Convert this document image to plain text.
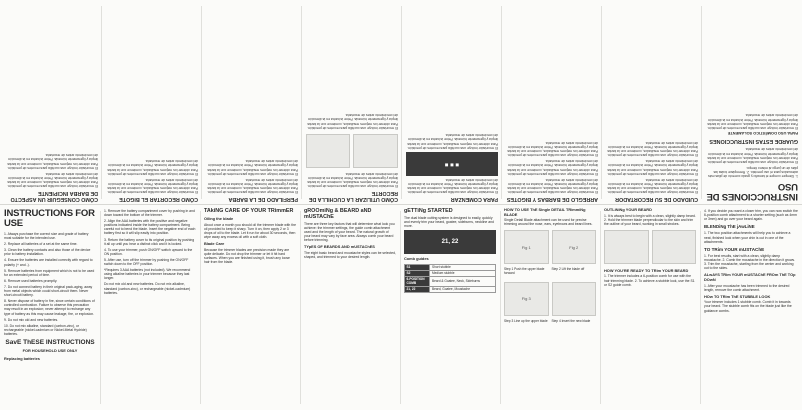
INSTRUCCIONES DE USO

1. Siempre compre el tamaño y grado correcto de pilas más adecuados para el uso previsto. 2. Reemplace todas las pilas de un juego al mismo tiempo.

El recortador incluye una cuchilla para recortes de precisión. Para obtener los mejores resultados, comience con la barba limpia y ligeramente húmeda. Peine la barba en la dirección del crecimiento antes de recortarla.

GUARDE ESTAS INSTRUCCIONES

PARA USO DOMÉSTICO SOLAMENTE

El recortador incluye una cuchilla para recortes de precisión. Para obtener los mejores resultados, comience con la barba limpia y ligeramente húmeda. Peine la barba en la dirección del crecimiento antes de recortarla.

CUIDADO DE SU RECORTADOR

El recortador incluye una cuchilla para recortes de precisión. Para obtener los mejores resultados, comience con la barba limpia y ligeramente húmeda. Peine la barba en la dirección del crecimiento antes de recortarla.

El recortador incluye una cuchilla para recortes de precisión. Para obtener los mejores resultados, comience con la barba limpia y ligeramente húmeda. Peine la barba en la dirección del crecimiento antes de recortarla.

El recortador incluye una cuchilla para recortes de precisión. Para obtener los mejores resultados, comience con la barba limpia y ligeramente húmeda. Peine la barba en la dirección del crecimiento antes de recortarla.

ARREGLO DE BARBAS Y BIGOTES

El recortador incluye una cuchilla para recortes de precisión. Para obtener los mejores resultados, comience con la barba limpia y ligeramente húmeda. Peine la barba en la dirección del crecimiento antes de recortarla.

El recortador incluye una cuchilla para recortes de precisión. Para obtener los mejores resultados, comience con la barba limpia y ligeramente húmeda. Peine la barba en la dirección del crecimiento antes de recortarla.

El recortador incluye una cuchilla para recortes de precisión. Para obtener los mejores resultados, comience con la barba limpia y ligeramente húmeda. Peine la barba en la dirección del crecimiento antes de recortarla.

PARA COMENZAR

El recortador incluye una cuchilla para recortes de precisión. Para obtener los mejores resultados, comience con la barba limpia y ligeramente húmeda. Peine la barba en la dirección del crecimiento antes de recortarla.

■ ■ ■

El recortador incluye una cuchilla para recortes de precisión. Para obtener los mejores resultados, comience con la barba limpia y ligeramente húmeda. Peine la barba en la dirección del crecimiento antes de recortarla.

CÓMO UTILIZAR LA CUCHILLA DE RECORTE

El recortador incluye una cuchilla para recortes de precisión. Para obtener los mejores resultados, comience con la barba limpia y ligeramente húmeda. Peine la barba en la dirección del crecimiento antes de recortarla.

El recortador incluye una cuchilla para recortes de precisión. Para obtener los mejores resultados, comience con la barba limpia y ligeramente húmeda. Peine la barba en la dirección del crecimiento antes de recortarla.

PERFILADO DE LA BARBA

El recortador incluye una cuchilla para recortes de precisión. Para obtener los mejores resultados, comience con la barba limpia y ligeramente húmeda. Peine la barba en la dirección del crecimiento antes de recortarla.

El recortador incluye una cuchilla para recortes de precisión. Para obtener los mejores resultados, comience con la barba limpia y ligeramente húmeda. Peine la barba en la dirección del crecimiento antes de recortarla.

CÓMO RECORTAR EL BIGOTE

El recortador incluye una cuchilla para recortes de precisión. Para obtener los mejores resultados, comience con la barba limpia y ligeramente húmeda. Peine la barba en la dirección del crecimiento antes de recortarla.

El recortador incluye una cuchilla para recortes de precisión. Para obtener los mejores resultados, comience con la barba limpia y ligeramente húmeda. Peine la barba en la dirección del crecimiento antes de recortarla.

CÓMO CONSEGUIR UN ASPECTO DE BARBA INCIPIENTE

El recortador incluye una cuchilla para recortes de precisión. Para obtener los mejores resultados, comience con la barba limpia y ligeramente húmeda. Peine la barba en la dirección del crecimiento antes de recortarla.

El recortador incluye una cuchilla para recortes de precisión. Para obtener los mejores resultados, comience con la barba limpia y ligeramente húmeda. Peine la barba en la dirección del crecimiento antes de recortarla.

INSTRUCTIONS FOR USE

1. Always purchase the correct size and grade of battery most suitable for the intended use.

2. Replace all batteries of a set at the same time.

3. Clean the battery contacts and also those of the device prior to battery installation.

4. Ensure the batteries are installed correctly with regard to polarity (+ and -).

5. Remove batteries from equipment which is not to be used for an extended period of time.

6. Remove used batteries promptly.

7. Do not connect battery in their original pack-aging, away from metal objects which could short-circuit them. Never short-circuit battery.

8. Never dispose of battery in fire, since certain conditions of controlled combustion. Failure to observe this precaution may result in an explosion; never attempt to recharge any type of battery as this may cause leakage, fire, or explosion.

9. Do not mix old and new batteries.

10. Do not mix alkaline, standard (carbon-zinc), or rechargeable (nickel-cadmium or Nickel-Metal Hydride) batteries.

SavE ThESE INSTRUCTIONS

FOR HOUSEHOLD USE ONLY

Replacing batteries

1. Remove the battery compartment cover by pushing in and down toward the bottom of the trimmer.

2. Align the AAA batteries with the positive and negative positions indicated inside the battery compartment. Being careful not to bend the blade. Insert the negative end of each battery first so it will slip easily into position.

3. Return the battery cover to its original position by pushing it all up until you hear a distinct click and it is locked.

4. To use your trimmer, push ON/OFF switch upward to the ON position.

5. After use, turn off the trimmer by pushing the ON/OFF switch down to the OFF position.

*Requires 3 AAA batteries (not included). We recommend using alkaline batteries in your trimmer because they last longer.

Do not mix old and new batteries. Do not mix alkaline, standard (carbon-zinc), or rechargeable (nickel-cadmium) batteries.

TAkiNG CARE OF YOUR TRimmER

Oiling the blade

About once a month you should oil the trimmer blade with the oil provided to keep it sharp. Turn it on, then apply 2 or 3 drops of oil to the blade. Let it run for about 30 seconds, then wipe away any excess oil with a soft cloth.

Blade Care

Because the trimmer blades are precision made they are quite delicate. Do not drop the trimmer or let it hit hard surfaces. When you are finished using it, brush any loose hair from the blade.

gROOmiNg & BEARD aND mUSTAChE

There are three key factors that will determine what look you achieve: the trimmer settings, the guide comb attachment used and the length of your beard. The natural growth of your beard may vary by face area. Always comb your beard before trimming.

TYpES OF BEARDS AND mUSTAChES

The eight basic beard and moustache styles can be selected, shaped, and trimmed to your desired length.

gETTiNg STARTED

The dual blade cutting system is designed to easily, quickly and evenly trim your beard, goatee, sideburns, neckline and more.

21, 22

Comb guides

S1	Short stubble
S2	Medium stubble
6-POSITION COMB	Beard & Goatee, Neck, Sideburns
21, 22	Beard, Goatee, Moustache
HOW TO USE ThE Single DETAIL TRimmiNg BLADE

Single Detail Blade attachment can be used for precise trimming around the nose, ears, eyebrows and beard lines.

Fig 1	Fig 2

Step 1 Push the upper blade forward

Step 2 Lift the blade off

Fig 3

Step 3 Line up the upper blade Step 4 Insert the new blade

OUTLiNiNg YOUR BEARD

1. It is always best to begin with a clean, slightly damp beard. 2. Hold the trimmer blade perpendicular to the skin and trim the outline of your beard, working in small strokes.

HOW YOU'RE READY TO TRim YOUR BEARD

1. The trimmer includes a 6-position comb for use with the hair trimming blade. 2. To achieve a stubble look, use the S1 or S2 guide comb.

4. If you decide you want a closer trim, you can now switch the 6-position comb attachment to a shorter setting (such as 4mm or 3mm) and go over your beard again.

BLENDiNg ThE jAwLiNE

1. The two position attachments will help you to achieve a neat, finished look when your chin is cut in one of the attachments.

TO TRim YOUR mUSTAChE

1. For best results, start with a clean, slightly damp moustache. 2. Comb the moustache in the direction it grows. 3. Trim the moustache, starting from the center and working out to the sides.

ALwAYS TRim YOUR mUSTAChE FROm ThE TOp DOwN

1. After your moustache has been trimmed to the desired length, remove the comb attachment.

HOw TO TRim ThE STUBBLE LOOK

Your trimmer includes 1 stubble comb. Comb it in towards your beard. The stubble comb fits on the blade just like the guidance combs.
